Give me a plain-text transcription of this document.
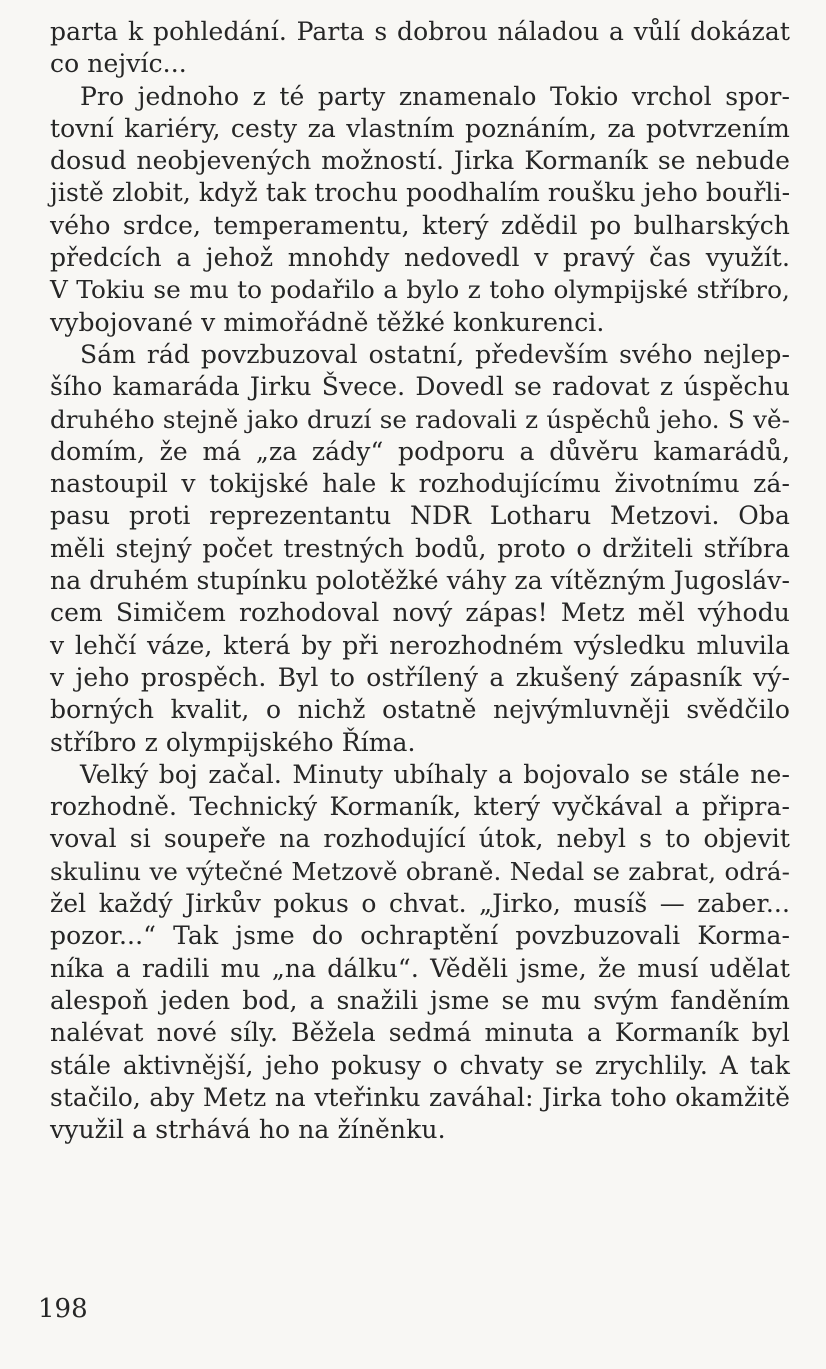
parta k pohledání. Parta s dobrou náladou a vůlí dokázat
co nejvíc...
Pro jednoho z té party znamenalo Tokio vrchol spor-
tovní kariéry, cesty za vlastním poznáním, za potvrzením
dosud neobjevených možností. Jirka Kormaník se nebude
jistě zlobit, když tak trochu poodhalím roušku jeho bouřli-
vého srdce, temperamentu, který zdědil po bulharských
předcích a jehož mnohdy nedovedl v pravý čas využít.
V Tokiu se mu to podařilo a bylo z toho olympijské stříbro,
vybojované v mimořádně těžké konkurenci.
Sám rád povzbuzoval ostatní, především svého nejlep-
šího kamaráda Jirku Švece. Dovedl se radovat z úspěchu
druhého stejně jako druzí se radovali z úspěchů jeho. S vě-
domím, že má „za zády“ podporu a důvěru kamarádů,
nastoupil v tokijské hale k rozhodujícímu životnímu zá-
pasu proti reprezentantu NDR Lotharu Metzovi. Oba
měli stejný počet trestných bodů, proto o držiteli stříbra
na druhém stupínku polotěžké váhy za vítězným Jugosláv-
cem Simičem rozhodoval nový zápas! Metz měl výhodu
v lehčí váze, která by při nerozhodném výsledku mluvila
v jeho prospěch. Byl to ostřílený a zkušený zápasník vý-
borných kvalit, o nichž ostatně nejvýmluvněji svědčilo
stříbro z olympijského Říma.
Velký boj začal. Minuty ubíhaly a bojovalo se stále ne-
rozhodně. Technický Kormaník, který vyčkával a připra-
voval si soupeře na rozhodující útok, nebyl s to objevit
skulinu ve výtečné Metzově obraně. Nedal se zabrat, odrá-
žel každý Jirkův pokus o chvat. „Jirko, musíš — zaber...
pozor...“ Tak jsme do ochraptění povzbuzovali Korma-
níka a radili mu „na dálku“. Věděli jsme, že musí udělat
alespoň jeden bod, a snažili jsme se mu svým fanděním
nalévat nové síly. Běžela sedmá minuta a Kormaník byl
stále aktivnější, jeho pokusy o chvaty se zrychlily. A tak
stačilo, aby Metz na vteřinku zaváhal: Jirka toho okamžitě
využil a strhává ho na žíněnku.
198
